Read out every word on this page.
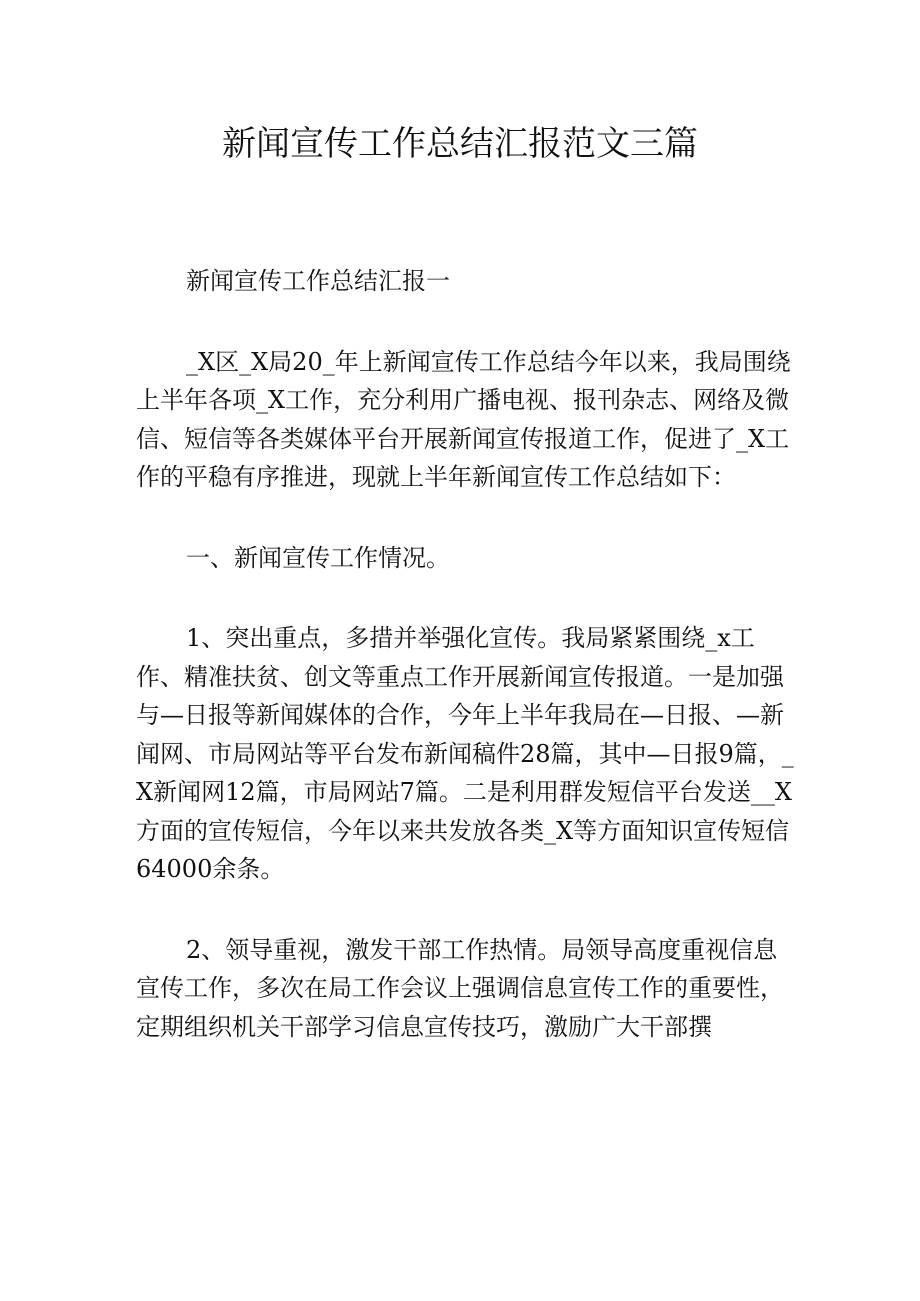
新闻宣传工作总结汇报范文三篇

新闻宣传工作总结汇报一

_X区_X局20_年上新闻宣传工作总结今年以来，我局围绕上半年各项_X工作，充分利用广播电视、报刊杂志、网络及微信、短信等各类媒体平台开展新闻宣传报道工作，促进了_X工作的平稳有序推进，现就上半年新闻宣传工作总结如下：

一、新闻宣传工作情况。

1、突出重点，多措并举强化宣传。我局紧紧围绕_x工作、精准扶贫、创文等重点工作开展新闻宣传报道。一是加强与—日报等新闻媒体的合作，今年上半年我局在—日报、—新闻网、市局网站等平台发布新闻稿件28篇，其中—日报9篇，_X新闻网12篇，市局网站7篇。二是利用群发短信平台发送__X方面的宣传短信，今年以来共发放各类_X等方面知识宣传短信64000余条。

2、领导重视，激发干部工作热情。局领导高度重视信息宣传工作，多次在局工作会议上强调信息宣传工作的重要性，定期组织机关干部学习信息宣传技巧，激励广大干部撰
